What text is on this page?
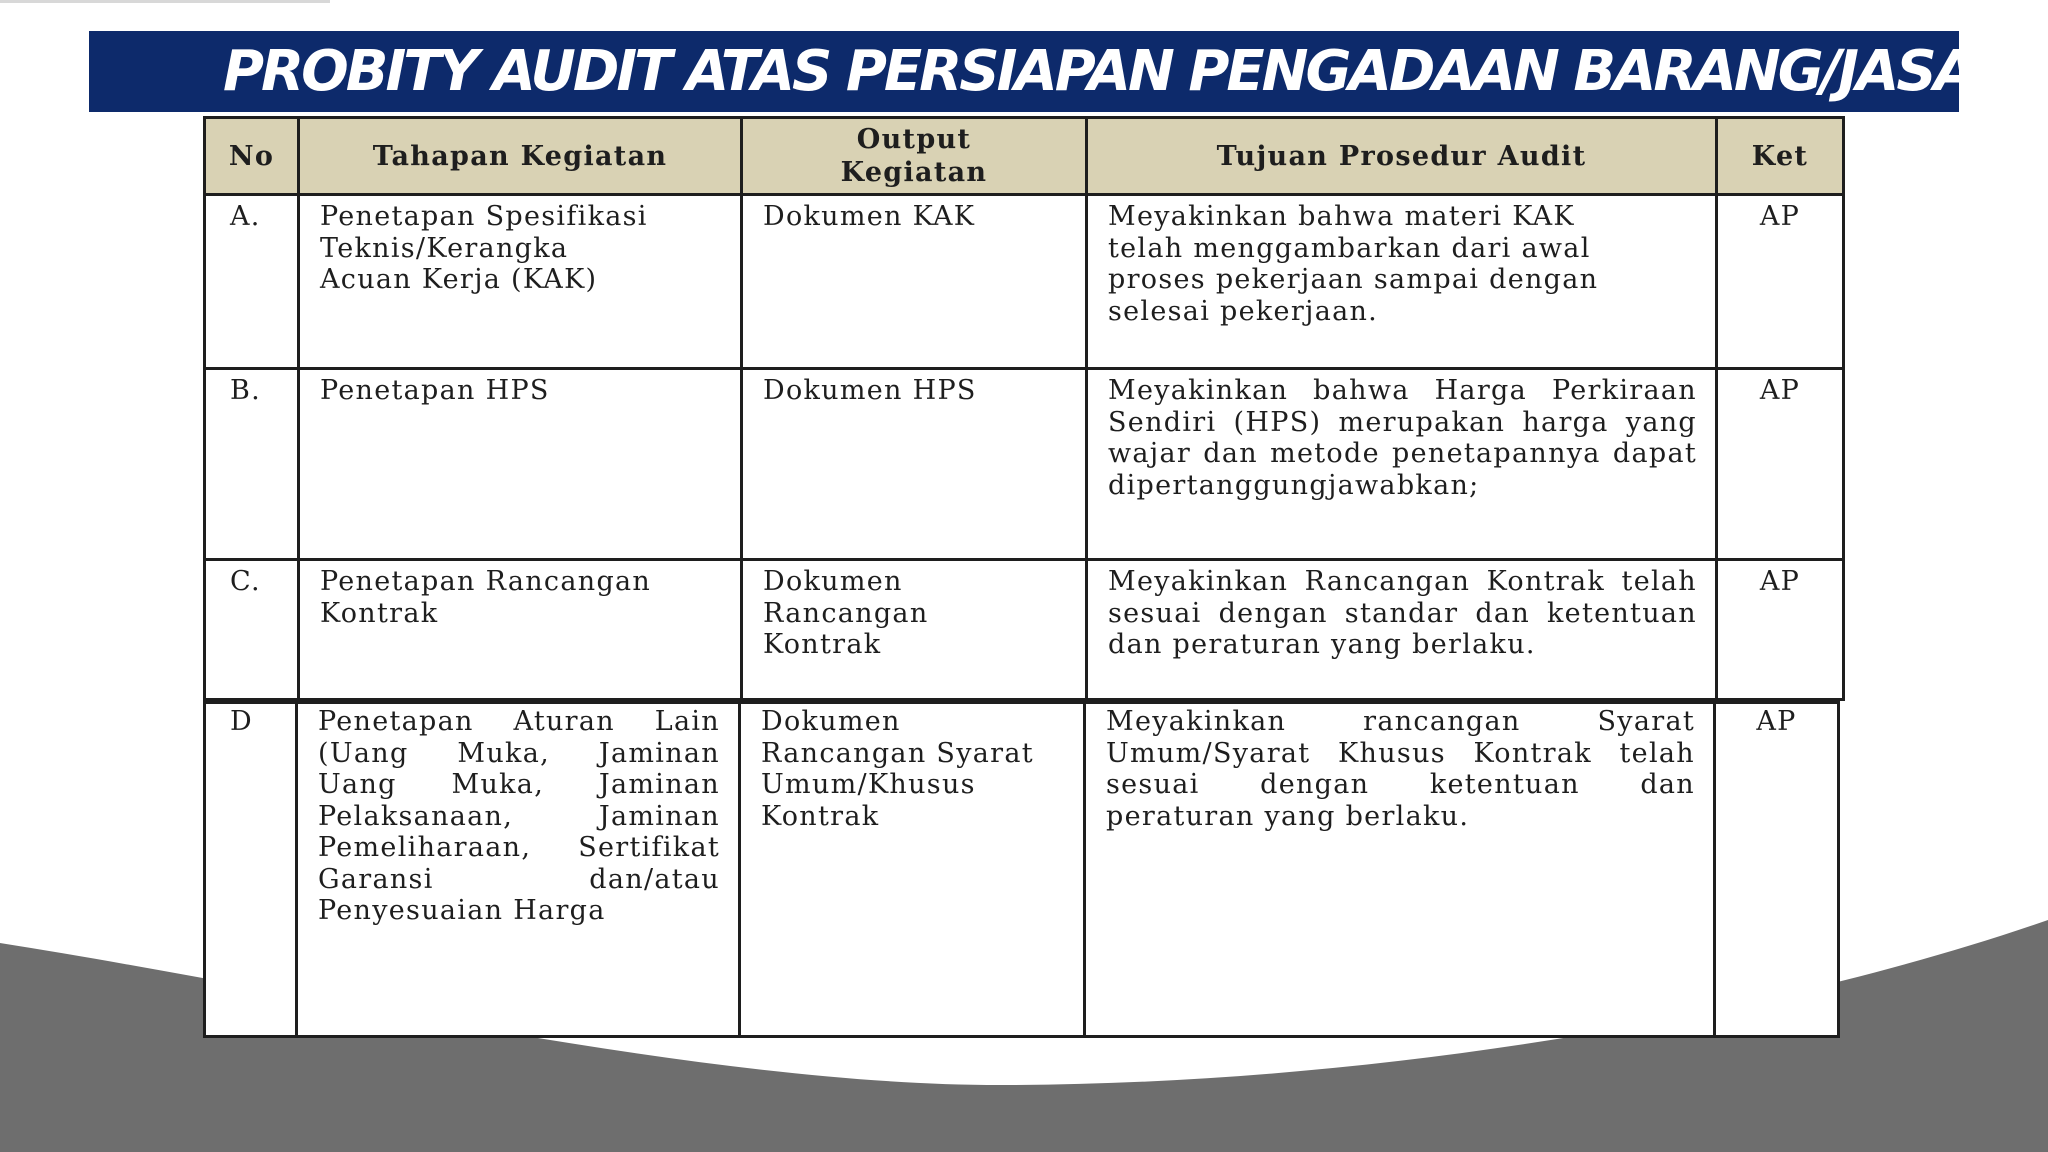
PROBITY AUDIT ATAS PERSIAPAN PENGADAAN BARANG/JASA:
No	Tahapan Kegiatan	Output Kegiatan	Tujuan Prosedur Audit	Ket
A.	Penetapan Spesifikasi Teknis/Kerangka Acuan Kerja (KAK)	Dokumen KAK	Meyakinkan bahwa materi KAK telah menggambarkan dari awal proses pekerjaan sampai dengan selesai pekerjaan.	AP
B.	Penetapan HPS	Dokumen HPS	Meyakinkan bahwa Harga Perkiraan Sendiri (HPS) merupakan harga yang wajar dan metode penetapannya dapat dipertanggungjawabkan;	AP
C.	Penetapan Rancangan Kontrak	Dokumen Rancangan Kontrak	Meyakinkan Rancangan Kontrak telah sesuai dengan standar dan ketentuan dan peraturan yang berlaku.	AP
D	Penetapan Aturan Lain (Uang Muka, Jaminan Uang Muka, Jaminan Pelaksanaan, Jaminan Pemeliharaan, Sertifikat Garansi dan/atau Penyesuaian Harga	Dokumen Rancangan Syarat Umum/Khusus Kontrak	Meyakinkan rancangan Syarat Umum/Syarat Khusus Kontrak telah sesuai dengan ketentuan dan peraturan yang berlaku.	AP
